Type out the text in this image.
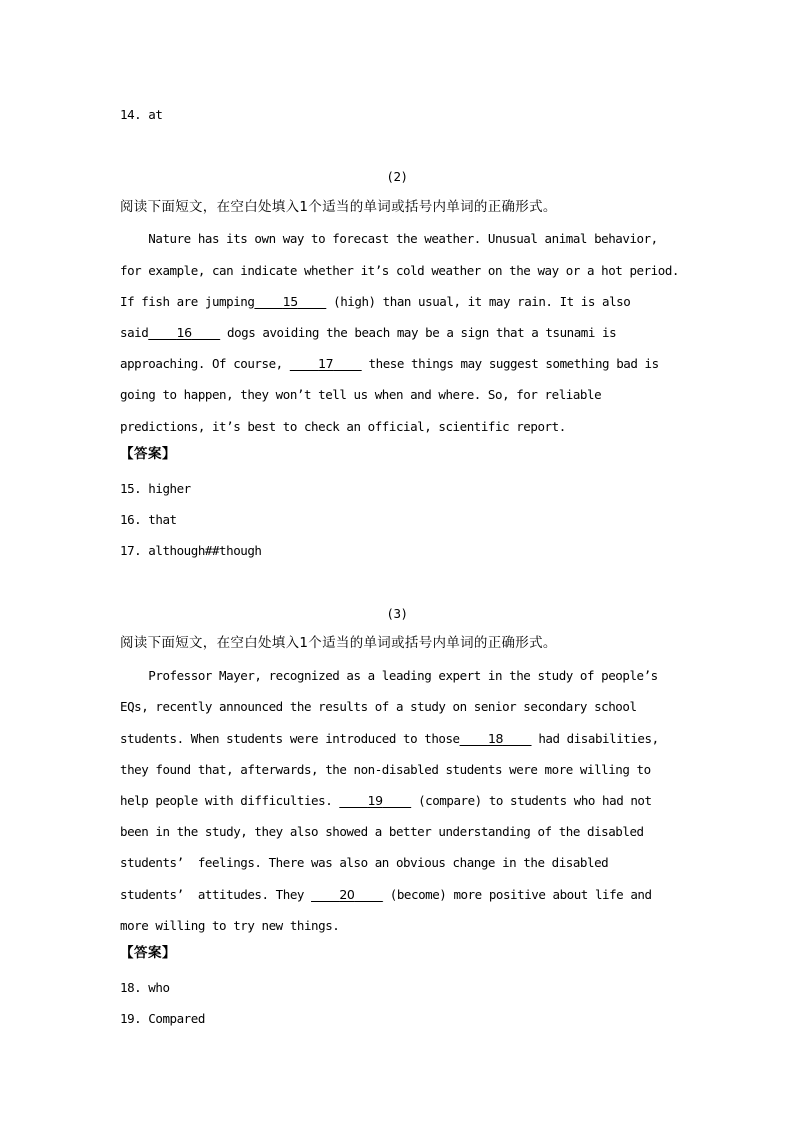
14. at
(2)
阅读下面短文，在空白处填入1个适当的单词或括号内单词的正确形式。
Nature has its own way to forecast the weather. Unusual animal behavior,
for example, can indicate whether it’s cold weather on the way or a hot period.
If fish are jumping____15____ (high) than usual, it may rain. It is also
said____16____ dogs avoiding the beach may be a sign that a tsunami is
approaching. Of course, ____17____ these things may suggest something bad is
going to happen, they won’t tell us when and where. So, for reliable
predictions, it’s best to check an official, scientific report.
【答案】
15. higher
16. that
17. although##though
(3)
阅读下面短文，在空白处填入1个适当的单词或括号内单词的正确形式。
Professor Mayer, recognized as a leading expert in the study of people’s
EQs, recently announced the results of a study on senior secondary school
students. When students were introduced to those____18____ had disabilities,
they found that, afterwards, the non-disabled students were more willing to
help people with difficulties. ____19____ (compare) to students who had not
been in the study, they also showed a better understanding of the disabled
students’  feelings. There was also an obvious change in the disabled
students’  attitudes. They ____20____ (become) more positive about life and
more willing to try new things.
【答案】
18. who
19. Compared
